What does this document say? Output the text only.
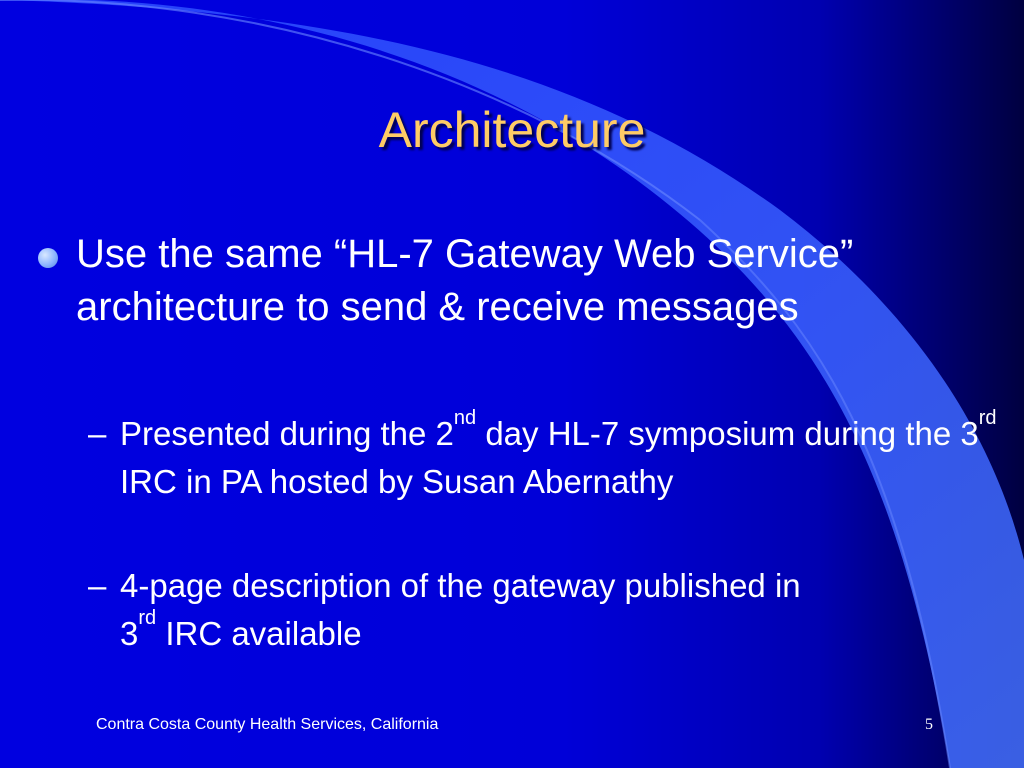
Architecture
Use the same “HL-7 Gateway Web Service” architecture to send & receive messages
– Presented during the 2nd day HL-7 symposium during the 3rd IRC in PA hosted by Susan Abernathy
– 4-page description of the gateway published in 3rd IRC available
Contra Costa County Health Services, California	5
